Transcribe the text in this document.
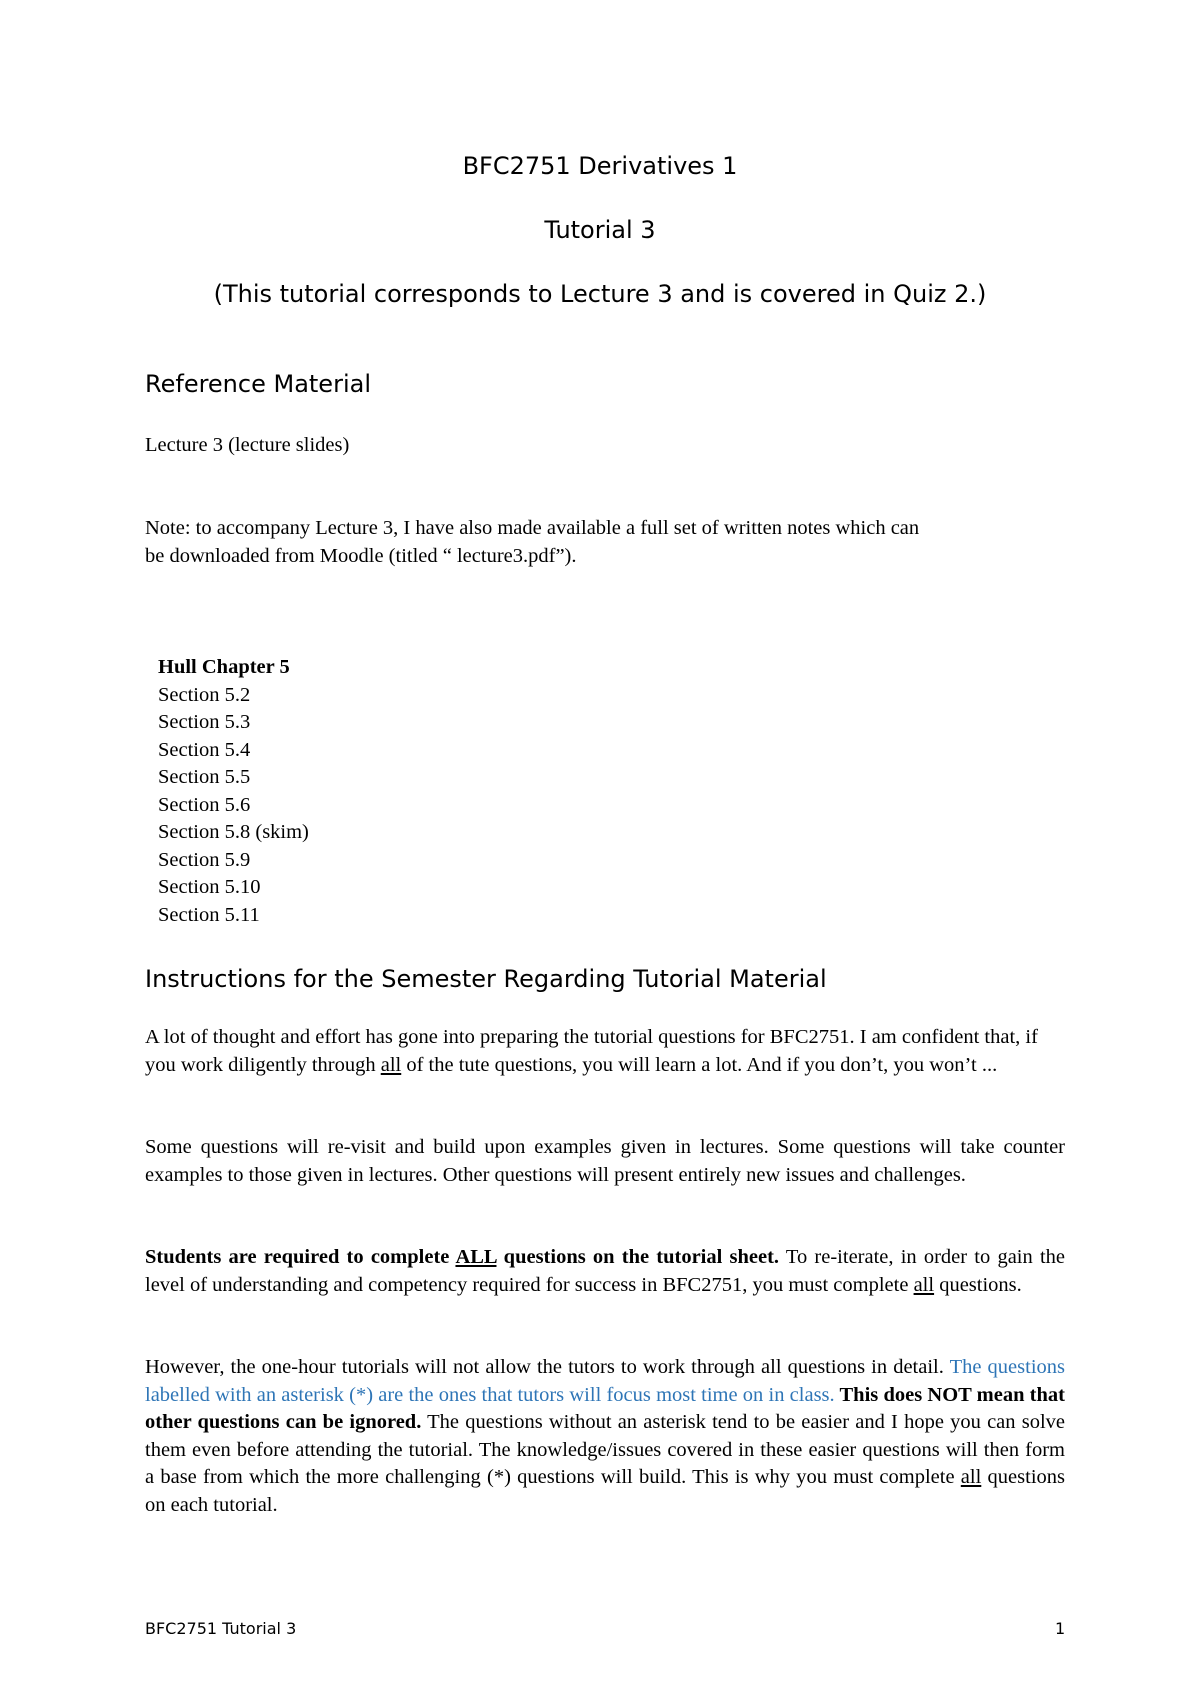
BFC2751 Derivatives 1

Tutorial 3

(This tutorial corresponds to Lecture 3 and is covered in Quiz 2.)

Reference Material

Lecture 3 (lecture slides)

Note: to accompany Lecture 3, I have also made available a full set of written notes which can

be downloaded from Moodle (titled “ lecture3.pdf”).

Hull Chapter 5
Section 5.2
Section 5.3
Section 5.4
Section 5.5
Section 5.6
Section 5.8 (skim)
Section 5.9
Section 5.10
Section 5.11
Instructions for the Semester Regarding Tutorial Material

A lot of thought and effort has gone into preparing the tutorial questions for BFC2751. I am confident that, if you work diligently through all of the tute questions, you will learn a lot. And if you don’t, you won’t ...

Some questions will re-visit and build upon examples given in lectures. Some questions will take counter examples to those given in lectures. Other questions will present entirely new issues and challenges.

Students are required to complete ALL questions on the tutorial sheet. To re-iterate, in order to gain the level of understanding and competency required for success in BFC2751, you must complete all questions.

However, the one-hour tutorials will not allow the tutors to work through all questions in detail. The questions labelled with an asterisk (*) are the ones that tutors will focus most time on in class. This does NOT mean that other questions can be ignored. The questions without an asterisk tend to be easier and I hope you can solve them even before attending the tutorial. The knowledge/issues covered in these easier questions will then form a base from which the more challenging (*) questions will build. This is why you must complete all questions on each tutorial.

BFC2751 Tutorial 3	1
